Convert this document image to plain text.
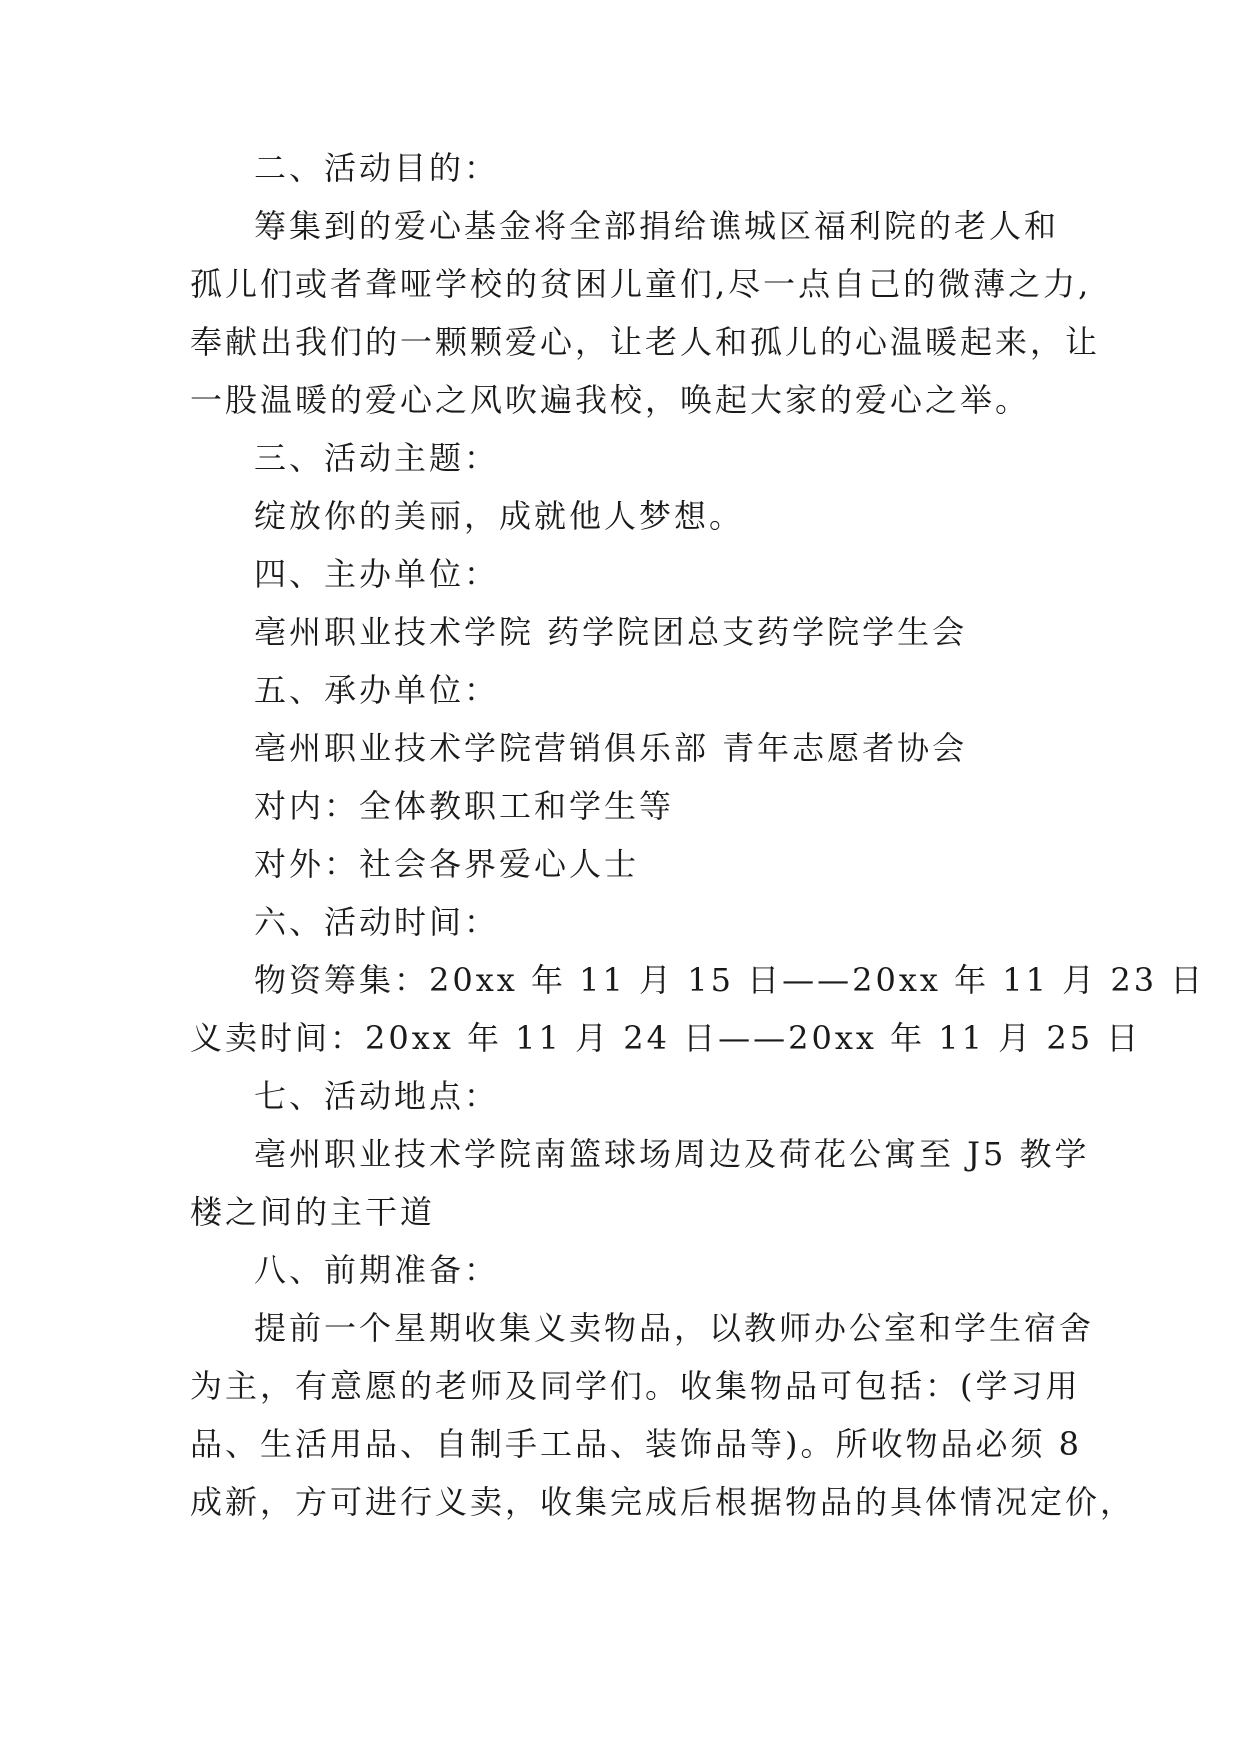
二、活动目的：
筹集到的爱心基金将全部捐给谯城区福利院的老人和
孤儿们或者聋哑学校的贫困儿童们,尽一点自己的微薄之力,
奉献出我们的一颗颗爱心，让老人和孤儿的心温暖起来，让
一股温暖的爱心之风吹遍我校，唤起大家的爱心之举。
三、活动主题：
绽放你的美丽，成就他人梦想。
四、主办单位：
亳州职业技术学院 药学院团总支药学院学生会
五、承办单位：
亳州职业技术学院营销俱乐部 青年志愿者协会
对内：全体教职工和学生等
对外：社会各界爱心人士
六、活动时间：
物资筹集：20xx 年 11 月 15 日——20xx 年 11 月 23 日
义卖时间：20xx 年 11 月 24 日——20xx 年 11 月 25 日
七、活动地点：
亳州职业技术学院南篮球场周边及荷花公寓至 J5 教学
楼之间的主干道
八、前期准备：
提前一个星期收集义卖物品，以教师办公室和学生宿舍
为主，有意愿的老师及同学们。收集物品可包括：(学习用
品、生活用品、自制手工品、装饰品等)。所收物品必须 8
成新，方可进行义卖，收集完成后根据物品的具体情况定价，
